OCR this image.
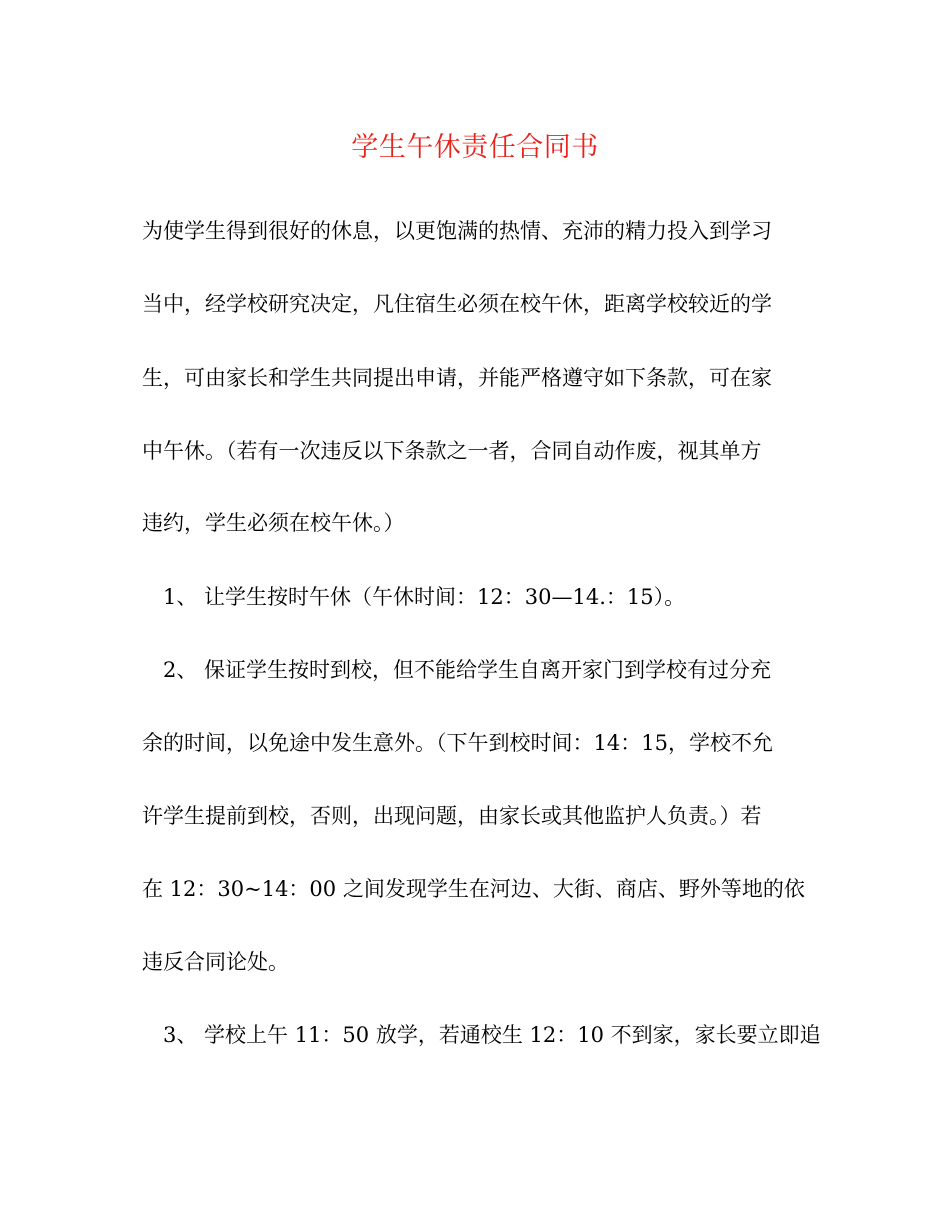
学生午休责任合同书
为使学生得到很好的休息，以更饱满的热情、充沛的精力投入到学习
当中，经学校研究决定，凡住宿生必须在校午休，距离学校较近的学
生，可由家长和学生共同提出申请，并能严格遵守如下条款，可在家
中午休。（若有一次违反以下条款之一者，合同自动作废，视其单方
违约，学生必须在校午休。）
1、 让学生按时午休（午休时间：12：30—14.：15）。
2、 保证学生按时到校，但不能给学生自离开家门到学校有过分充
余的时间，以免途中发生意外。（下午到校时间：14：15，学校不允
许学生提前到校，否则，出现问题，由家长或其他监护人负责。）若
在 12：30~14：00 之间发现学生在河边、大街、商店、野外等地的依
违反合同论处。
3、 学校上午 11：50 放学，若通校生 12：10 不到家，家长要立即追
